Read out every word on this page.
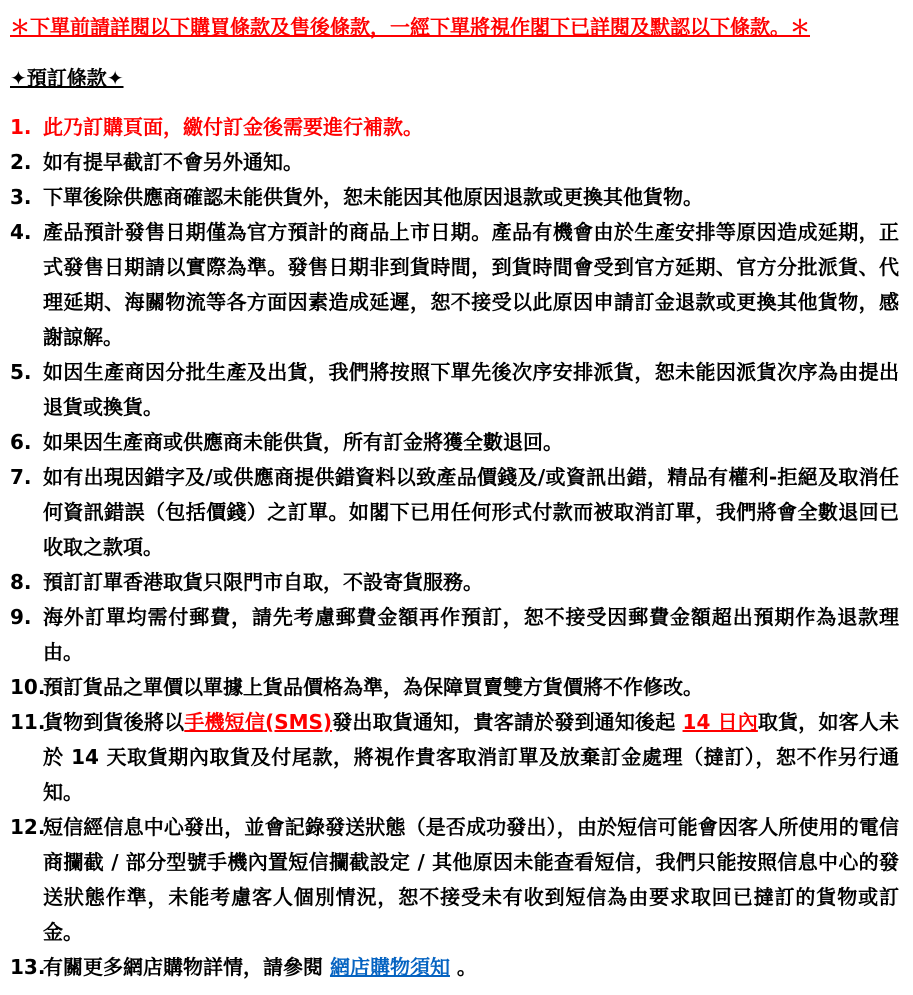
＊下單前請詳閱以下購買條款及售後條款，一經下單將視作閣下已詳閱及默認以下條款。＊
✦預訂條款✦
1. 此乃訂購頁面，繳付訂金後需要進行補款。
2. 如有提早截訂不會另外通知。
3. 下單後除供應商確認未能供貨外，恕未能因其他原因退款或更換其他貨物。
4. 產品預計發售日期僅為官方預計的商品上市日期。產品有機會由於生產安排等原因造成延期，正式發售日期請以實際為準。發售日期非到貨時間，到貨時間會受到官方延期、官方分批派貨、代理延期、海關物流等各方面因素造成延遲，恕不接受以此原因申請訂金退款或更換其他貨物，感謝諒解。
5. 如因生產商因分批生產及出貨，我們將按照下單先後次序安排派貨，恕未能因派貨次序為由提出退貨或換貨。
6. 如果因生產商或供應商未能供貨，所有訂金將獲全數退回。
7. 如有出現因錯字及/或供應商提供錯資料以致產品價錢及/或資訊出錯，精品有權利-拒絕及取消任何資訊錯誤（包括價錢）之訂單。如閣下已用任何形式付款而被取消訂單，我們將會全數退回已收取之款項。
8. 預訂訂單香港取貨只限門市自取，不設寄貨服務。
9. 海外訂單均需付郵費，請先考慮郵費金額再作預訂，恕不接受因郵費金額超出預期作為退款理由。
10.
預訂貨品之單價以單據上貨品價格為準，為保障買賣雙方貨價將不作修改。
11.
貨物到貨後將以手機短信(SMS)發出取貨通知，貴客請於發到通知後起 14 日內取貨，如客人未於 14 天取貨期內取貨及付尾款，將視作貴客取消訂單及放棄訂金處理（撻訂），恕不作另行通知。
12.
短信經信息中心發出，並會記錄發送狀態（是否成功發出），由於短信可能會因客人所使用的電信商攔截 / 部分型號手機內置短信攔截設定 / 其他原因未能查看短信，我們只能按照信息中心的發送狀態作準，未能考慮客人個別情況，恕不接受未有收到短信為由要求取回已撻訂的貨物或訂金。
13.
有關更多網店購物詳情，請參閱 網店購物須知 。
